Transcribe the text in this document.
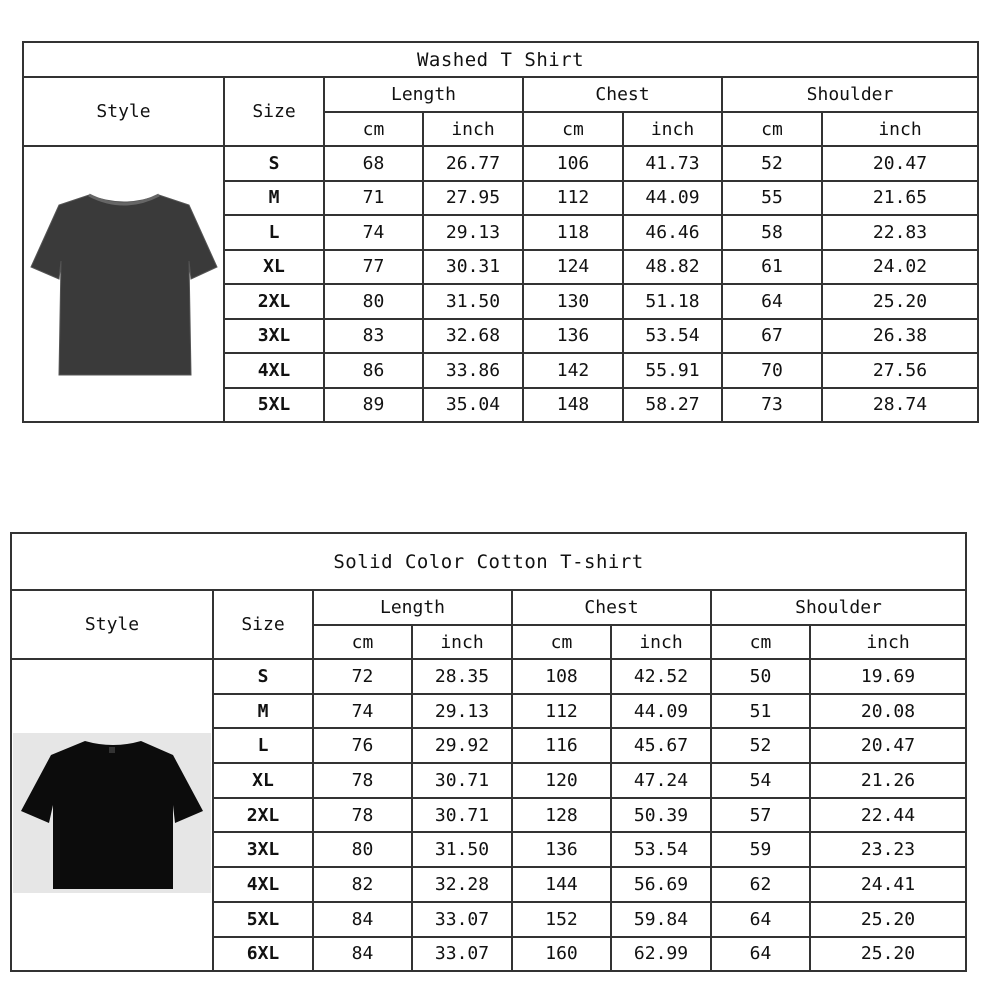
Washed T Shirt							
Style	Size	Length		Chest		Shoulder	
		cm	inch	cm	inch	cm	inch
	S	68	26.77	106	41.73	52	20.47
	M	71	27.95	112	44.09	55	21.65
	L	74	29.13	118	46.46	58	22.83
	XL	77	30.31	124	48.82	61	24.02
	2XL	80	31.50	130	51.18	64	25.20
	3XL	83	32.68	136	53.54	67	26.38
	4XL	86	33.86	142	55.91	70	27.56
	5XL	89	35.04	148	58.27	73	28.74
Solid Color Cotton T-shirt							
Style	Size	Length		Chest		Shoulder	
		cm	inch	cm	inch	cm	inch
	S	72	28.35	108	42.52	50	19.69
	M	74	29.13	112	44.09	51	20.08
	L	76	29.92	116	45.67	52	20.47
	XL	78	30.71	120	47.24	54	21.26
	2XL	78	30.71	128	50.39	57	22.44
	3XL	80	31.50	136	53.54	59	23.23
	4XL	82	32.28	144	56.69	62	24.41
	5XL	84	33.07	152	59.84	64	25.20
	6XL	84	33.07	160	62.99	64	25.20
